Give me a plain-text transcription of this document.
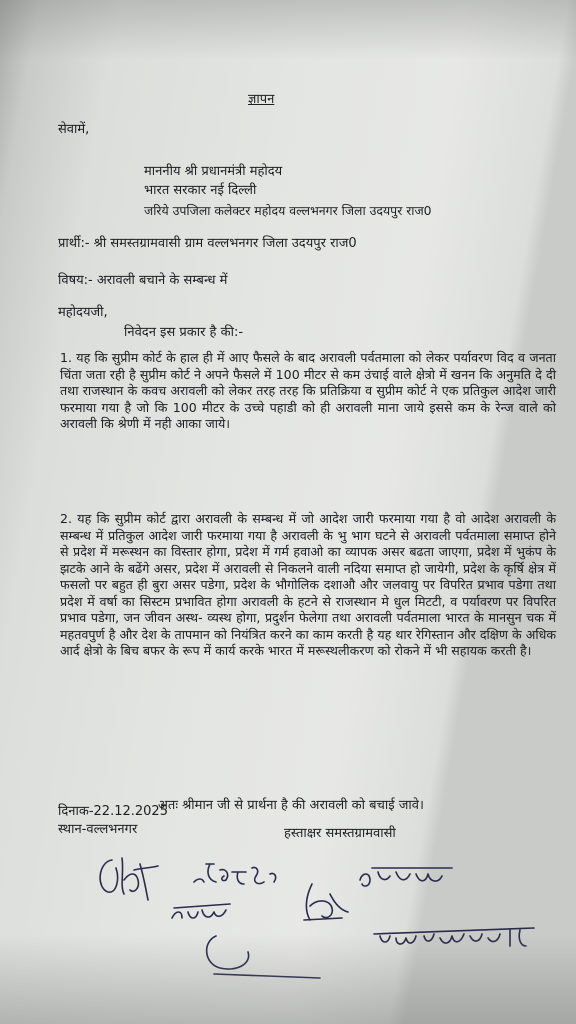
ज्ञापन
सेवामें,
माननीय श्री प्रधानमंत्री महोदय
भारत सरकार नई दिल्ली
जरिये उपजिला कलेक्टर महोदय वल्लभनगर जिला उदयपुर राज0
प्रार्थी:- श्री समस्तग्रामवासी ग्राम वल्लभनगर जिला उदयपुर राज0
विषय:- अरावली बचाने के सम्बन्ध में
महोदयजी,
निवेदन इस प्रकार है की:-
1. यह कि सुप्रीम कोर्ट के हाल ही में आए फैसले के बाद अरावली पर्वतमाला को लेकर पर्यावरण विद व जनता चिंता जता रही है सुप्रीम कोर्ट ने अपने फैसले में 100 मीटर से कम उंचाई वाले क्षेत्रो में खनन कि अनुमति दे दी तथा राजस्थान के कवच अरावली को लेकर तरह तरह कि प्रतिक्रिया व सुप्रीम कोर्ट ने एक प्रतिकुल आदेश जारी फरमाया गया है जो कि 100 मीटर के उच्चे पहाडी को ही अरावली माना जाये इससे कम के रेन्ज वाले को अरावली कि श्रेणी में नही आका जाये।
2. यह कि सुप्रीम कोर्ट द्वारा अरावली के सम्बन्ध में जो आदेश जारी फरमाया गया है वो आदेश अरावली के सम्बन्ध में प्रतिकुल आदेश जारी फरमाया गया है अरावली के भु भाग घटने से अरावली पर्वतमाला समाप्त होने से प्रदेश में मरूस्थन का विस्तार होगा, प्रदेश में गर्म हवाओ का व्यापक असर बढता जाएगा, प्रदेश में भुकंप के झटके आने के बढेंगे असर, प्रदेश में अरावली से निकलने वाली नदिया समाप्त हो जायेगी, प्रदेश के कृर्षि क्षेत्र में फसलो पर बहुत ही बुरा असर पडेगा, प्रदेश के भौगोलिक दशाऔ और जलवायु पर विपरित प्रभाव पडेगा तथा प्रदेश में वर्षा का सिस्टम प्रभावित होगा अरावली के हटने से राजस्थान मे धुल मिटटी, व पर्यावरण पर विपरित प्रभाव पडेगा, जन जीवन अस्थ- व्यस्थ होगा, प्रदुर्शन फेलेगा तथा अरावली पर्वतमाला भारत के मानसुन चक में महतवपुर्ण है और देश के तापमान को नियंत्रित करने का काम करती है यह थार रेगिस्तान और दक्षिण के अधिक आर्द क्षेत्रो के बिच बफर के रूप में कार्य करके भारत में मरूस्थलीकरण को रोकने में भी सहायक करती है।
अतः श्रीमान जी से प्रार्थना है की अरावली को बचाई जावे।
दिनाक-22.12.2025
स्थान-वल्लभनगर	हस्ताक्षर समस्तग्रामवासी
